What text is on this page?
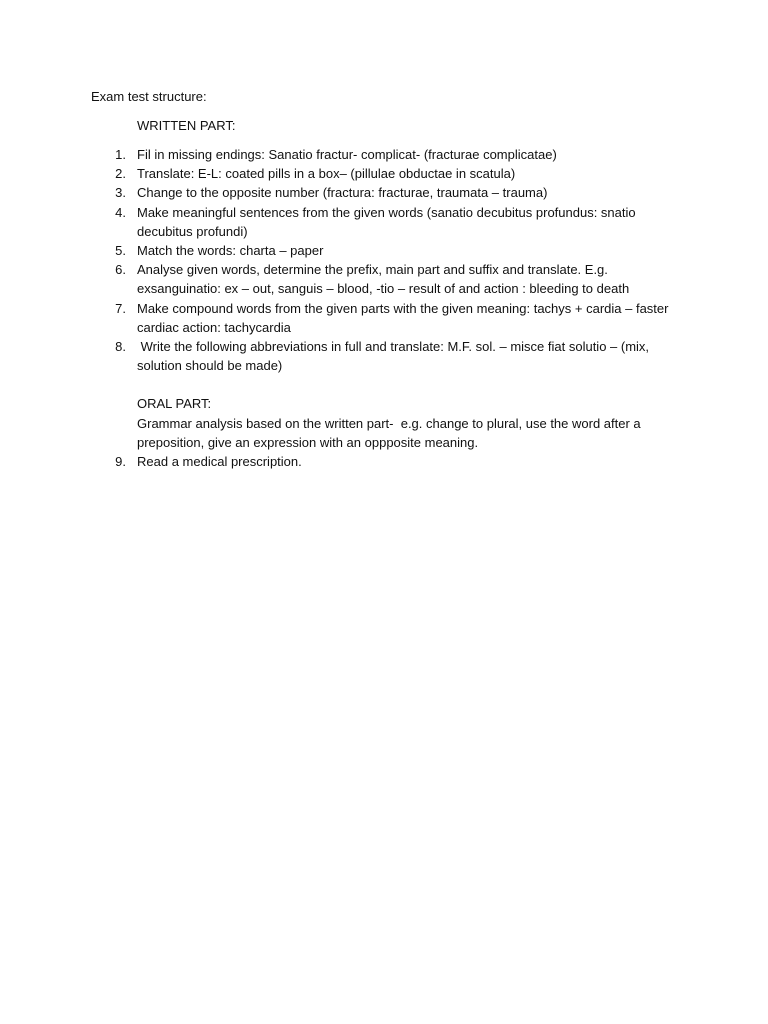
Exam test structure:
WRITTEN PART:
1. Fil in missing endings: Sanatio fractur- complicat- (fracturae complicatae)
2. Translate: E-L: coated pills in a box– (pillulae obductae in scatula)
3. Change to the opposite number (fractura: fracturae, traumata – trauma)
4. Make meaningful sentences from the given words (sanatio decubitus profundus: snatio decubitus profundi)
5. Match the words: charta – paper
6. Analyse given words, determine the prefix, main part and suffix and translate. E.g. exsanguinatio: ex – out, sanguis – blood, -tio – result of and action : bleeding to death
7. Make compound words from the given parts with the given meaning: tachys + cardia – faster cardiac action: tachycardia
8. Write the following abbreviations in full and translate: M.F. sol. – misce fiat solutio – (mix, solution should be made)
ORAL PART:
Grammar analysis based on the written part-  e.g. change to plural, use the word after a preposition, give an expression with an oppposite meaning.
9. Read a medical prescription.
